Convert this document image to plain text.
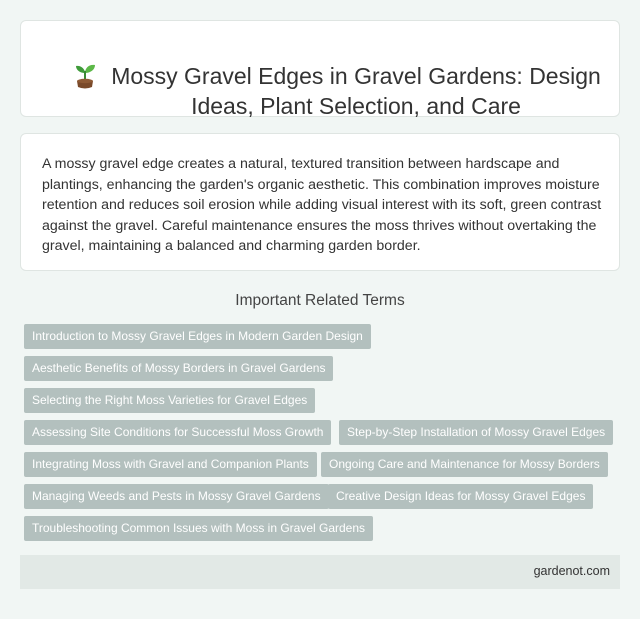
Mossy Gravel Edges in Gravel Gardens: Design Ideas, Plant Selection, and Care

A mossy gravel edge creates a natural, textured transition between hardscape and plantings, enhancing the garden's organic aesthetic. This combination improves moisture retention and reduces soil erosion while adding visual interest with its soft, green contrast against the gravel. Careful maintenance ensures the moss thrives without overtaking the gravel, maintaining a balanced and charming garden border.

Important Related Terms
Introduction to Mossy Gravel Edges in Modern Garden Design
Aesthetic Benefits of Mossy Borders in Gravel Gardens
Selecting the Right Moss Varieties for Gravel Edges
Assessing Site Conditions for Successful Moss Growth	Step-by-Step Installation of Mossy Gravel Edges
Integrating Moss with Gravel and Companion Plants	Ongoing Care and Maintenance for Mossy Borders
Managing Weeds and Pests in Mossy Gravel Gardens	Creative Design Ideas for Mossy Gravel Edges
Troubleshooting Common Issues with Moss in Gravel Gardens
gardenot.com
